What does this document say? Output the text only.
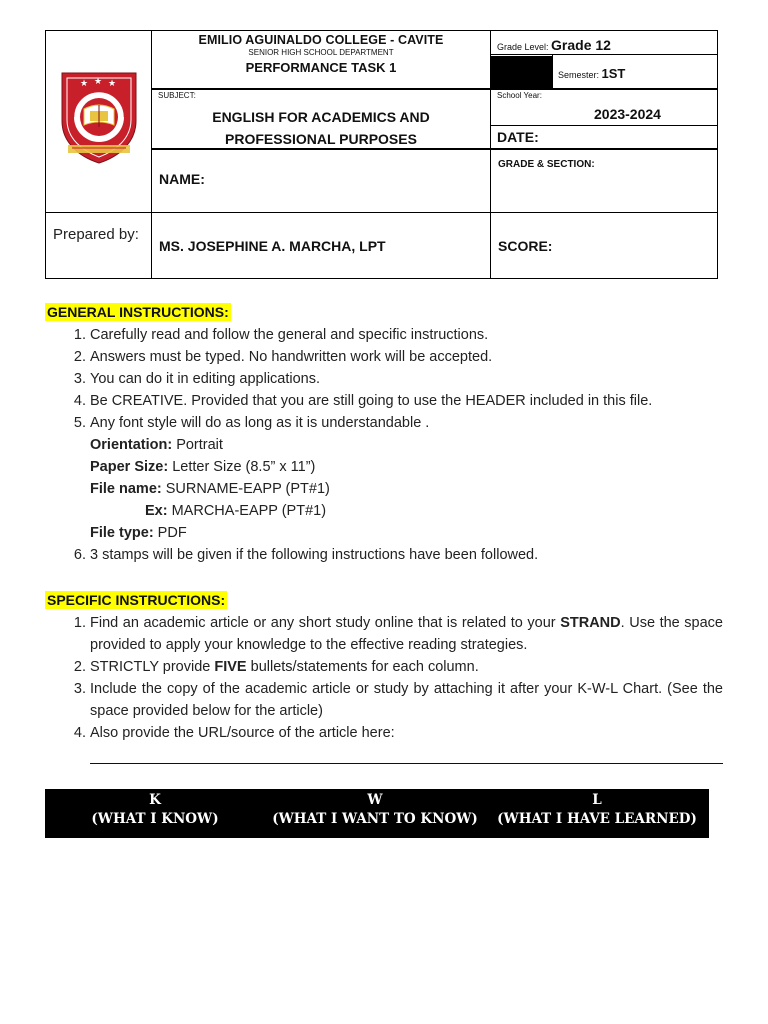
★ ★ ★
EMILIO AGUINALDO COLLEGE - CAVITE
SENIOR HIGH SCHOOL DEPARTMENT
PERFORMANCE TASK 1
SUBJECT:
ENGLISH FOR ACADEMICS AND
PROFESSIONAL PURPOSES
NAME:
Prepared by:
MS. JOSEPHINE A. MARCHA, LPT
Grade Level: Grade 12
Semester: 1ST
School Year:
2023-2024
DATE:
GRADE & SECTION:
SCORE:
GENERAL INSTRUCTIONS:
1. Carefully read and follow the general and specific instructions.
2. Answers must be typed. No handwritten work will be accepted.
3. You can do it in editing applications.
4. Be CREATIVE. Provided that you are still going to use the HEADER included in this file.
5. Any font style will do as long as it is understandable .
Orientation: Portrait
Paper Size: Letter Size (8.5” x 11”)
File name: SURNAME-EAPP (PT#1)
Ex: MARCHA-EAPP (PT#1)
File type: PDF
6. 3 stamps will be given if the following instructions have been followed.
SPECIFIC INSTRUCTIONS:
1. Find an academic article or any short study online that is related to your STRAND. Use the space provided to apply your knowledge to the effective reading strategies.
2. STRICTLY provide FIVE bullets/statements for each column.
3. Include the copy of the academic article or study by attaching it after your K-W-L Chart. (See the space provided below for the article)
4. Also provide the URL/source of the article here:
K
(WHAT I KNOW)
W
(WHAT I WANT TO KNOW)
L
(WHAT I HAVE LEARNED)
